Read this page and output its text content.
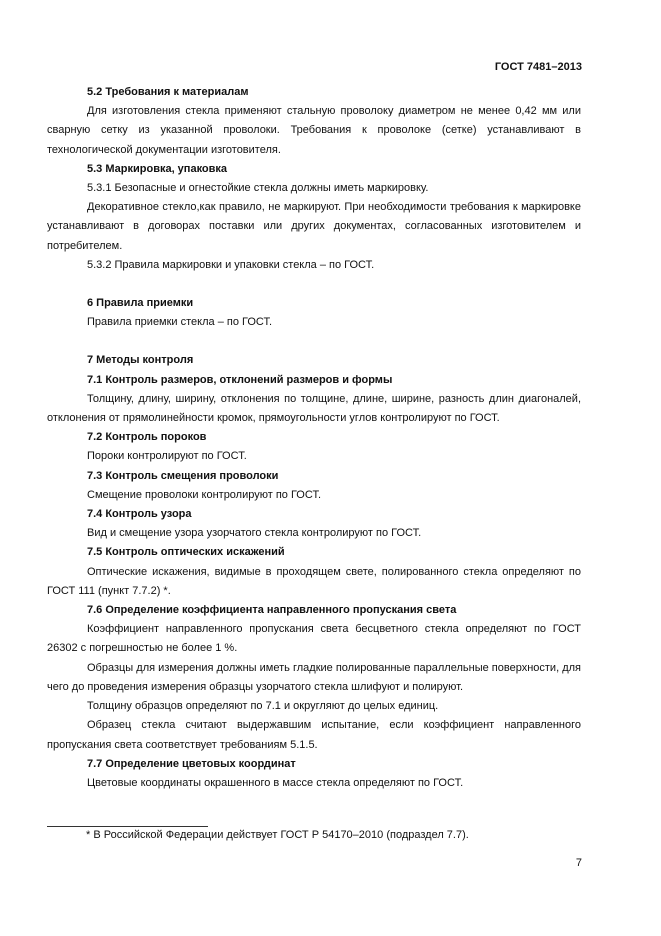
ГОСТ 7481–2013

5.2 Требования к материалам

Для изготовления стекла применяют стальную проволоку диаметром не менее 0,42 мм или сварную сетку из указанной проволоки. Требования к проволоке (сетке) устанавливают в технологической документации изготовителя.

5.3 Маркировка, упаковка

5.3.1 Безопасные и огнестойкие стекла должны иметь маркировку.

Декоративное стекло,как правило, не маркируют. При необходимости требования к маркировке устанавливают в договорах поставки или других документах, согласованных изготовителем и потребителем.

5.3.2 Правила маркировки и упаковки стекла – по ГОСТ.

6 Правила приемки

Правила приемки стекла – по ГОСТ.

7 Методы контроля

7.1 Контроль размеров, отклонений размеров и формы

Толщину, длину, ширину, отклонения по толщине, длине, ширине, разность длин диагоналей, отклонения от прямолинейности кромок, прямоугольности углов контролируют по ГОСТ.

7.2 Контроль пороков

Пороки контролируют по ГОСТ.

7.3 Контроль смещения проволоки

Смещение проволоки контролируют по ГОСТ.

7.4 Контроль узора

Вид и смещение узора узорчатого стекла контролируют по ГОСТ.

7.5 Контроль оптических искажений

Оптические искажения, видимые в проходящем свете, полированного стекла определяют по ГОСТ 111 (пункт 7.7.2) *.

7.6 Определение коэффициента направленного пропускания света

Коэффициент направленного пропускания света бесцветного стекла определяют по ГОСТ 26302 с погрешностью не более 1 %.

Образцы для измерения должны иметь гладкие полированные параллельные поверхности, для чего до проведения измерения образцы узорчатого стекла шлифуют и полируют.

Толщину образцов определяют по 7.1 и округляют до целых единиц.

Образец стекла считают выдержавшим испытание, если коэффициент направленного пропускания света соответствует требованиям 5.1.5.

7.7 Определение цветовых координат

Цветовые координаты окрашенного в массе стекла определяют по ГОСТ.

* В Российской Федерации действует ГОСТ Р 54170–2010 (подраздел 7.7).
7
